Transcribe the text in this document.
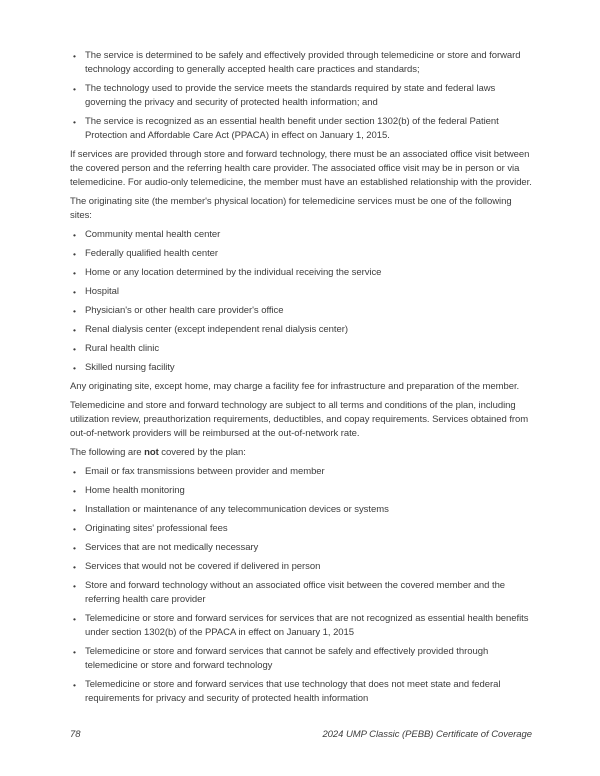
• The service is determined to be safely and effectively provided through telemedicine or store and forward technology according to generally accepted health care practices and standards;
• The technology used to provide the service meets the standards required by state and federal laws governing the privacy and security of protected health information; and
• The service is recognized as an essential health benefit under section 1302(b) of the federal Patient Protection and Affordable Care Act (PPACA) in effect on January 1, 2015.

If services are provided through store and forward technology, there must be an associated office visit between the covered person and the referring health care provider. The associated office visit may be in person or via telemedicine. For audio-only telemedicine, the member must have an established relationship with the provider.

The originating site (the member's physical location) for telemedicine services must be one of the following sites:

• Community mental health center
• Federally qualified health center
• Home or any location determined by the individual receiving the service
• Hospital
• Physician's or other health care provider's office
• Renal dialysis center (except independent renal dialysis center)
• Rural health clinic
• Skilled nursing facility

Any originating site, except home, may charge a facility fee for infrastructure and preparation of the member.

Telemedicine and store and forward technology are subject to all terms and conditions of the plan, including utilization review, preauthorization requirements, deductibles, and copay requirements. Services obtained from out-of-network providers will be reimbursed at the out-of-network rate.

The following are not covered by the plan:

• Email or fax transmissions between provider and member
• Home health monitoring
• Installation or maintenance of any telecommunication devices or systems
• Originating sites' professional fees
• Services that are not medically necessary
• Services that would not be covered if delivered in person
• Store and forward technology without an associated office visit between the covered member and the referring health care provider
• Telemedicine or store and forward services for services that are not recognized as essential health benefits under section 1302(b) of the PPACA in effect on January 1, 2015
• Telemedicine or store and forward services that cannot be safely and effectively provided through telemedicine or store and forward technology
• Telemedicine or store and forward services that use technology that does not meet state and federal requirements for privacy and security of protected health information
78	2024 UMP Classic (PEBB) Certificate of Coverage
